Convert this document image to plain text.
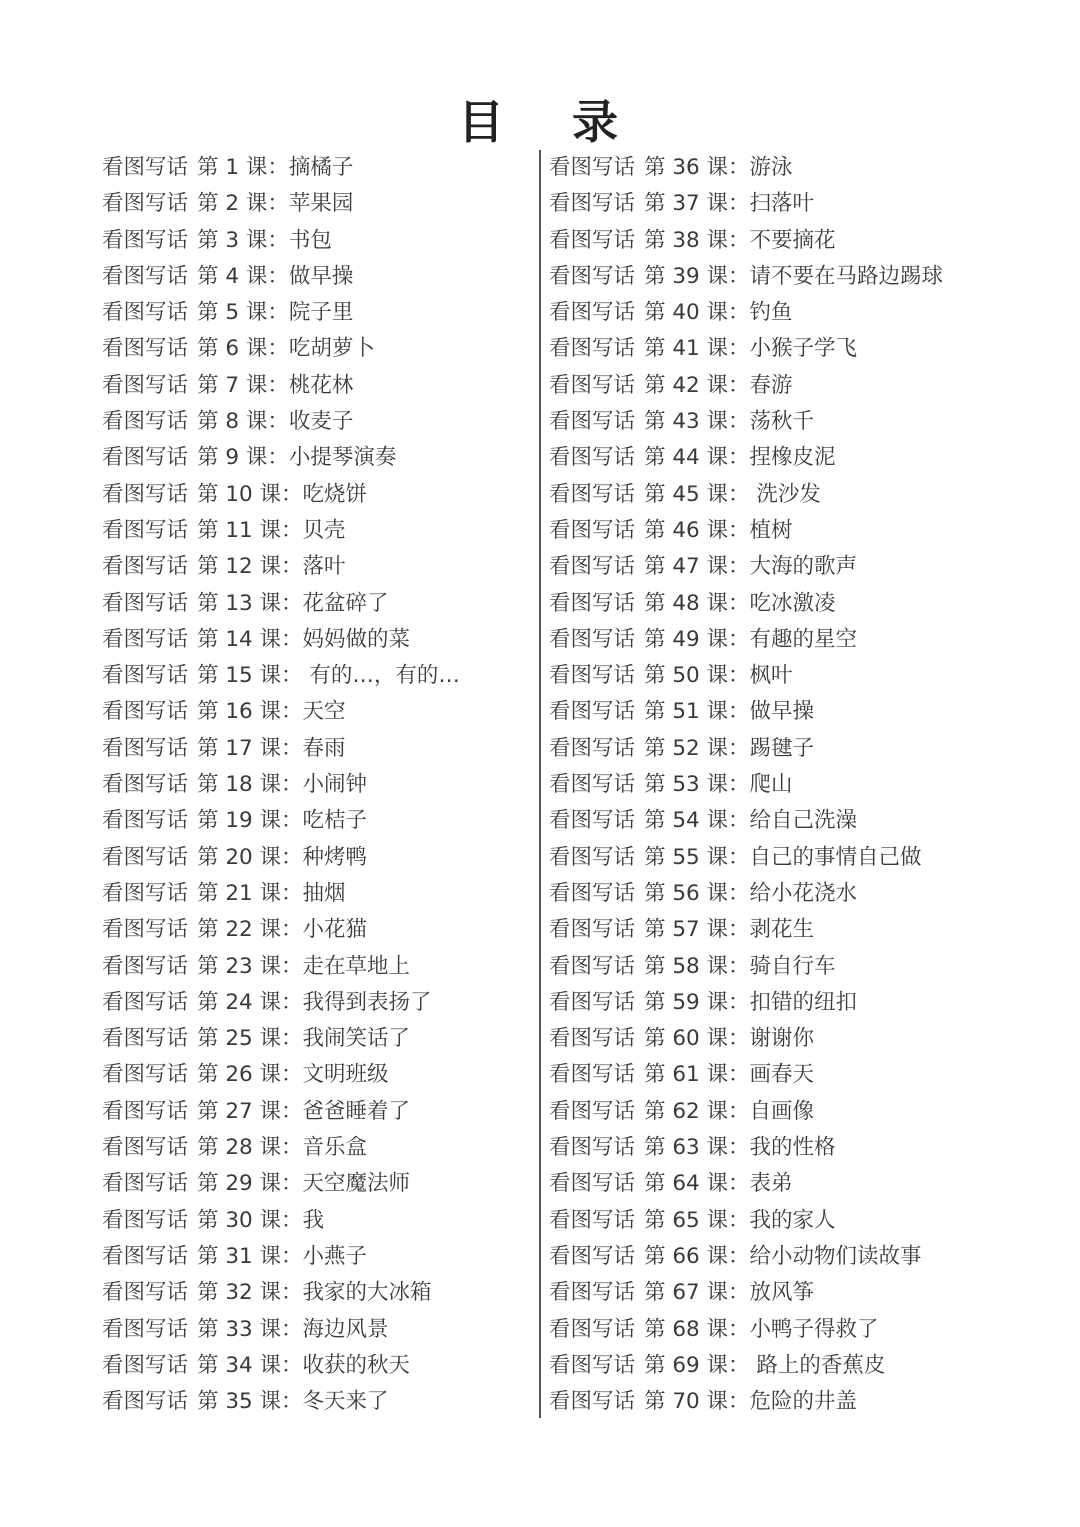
目 录
看图写话 第 1 课：摘橘子
看图写话 第 2 课：苹果园
看图写话 第 3 课：书包
看图写话 第 4 课：做早操
看图写话 第 5 课：院子里
看图写话 第 6 课：吃胡萝卜
看图写话 第 7 课：桃花林
看图写话 第 8 课：收麦子
看图写话 第 9 课：小提琴演奏
看图写话 第 10 课：吃烧饼
看图写话 第 11 课：贝壳
看图写话 第 12 课：落叶
看图写话 第 13 课：花盆碎了
看图写话 第 14 课：妈妈做的菜
看图写话 第 15 课： 有的…，有的…
看图写话 第 16 课：天空
看图写话 第 17 课：春雨
看图写话 第 18 课：小闹钟
看图写话 第 19 课：吃桔子
看图写话 第 20 课：种烤鸭
看图写话 第 21 课：抽烟
看图写话 第 22 课：小花猫
看图写话 第 23 课：走在草地上
看图写话 第 24 课：我得到表扬了
看图写话 第 25 课：我闹笑话了
看图写话 第 26 课：文明班级
看图写话 第 27 课：爸爸睡着了
看图写话 第 28 课：音乐盒
看图写话 第 29 课：天空魔法师
看图写话 第 30 课：我
看图写话 第 31 课：小燕子
看图写话 第 32 课：我家的大冰箱
看图写话 第 33 课：海边风景
看图写话 第 34 课：收获的秋天
看图写话 第 35 课：冬天来了
看图写话 第 36 课：游泳
看图写话 第 37 课：扫落叶
看图写话 第 38 课：不要摘花
看图写话 第 39 课：请不要在马路边踢球
看图写话 第 40 课：钓鱼
看图写话 第 41 课：小猴子学飞
看图写话 第 42 课：春游
看图写话 第 43 课：荡秋千
看图写话 第 44 课：捏橡皮泥
看图写话 第 45 课： 洗沙发
看图写话 第 46 课：植树
看图写话 第 47 课：大海的歌声
看图写话 第 48 课：吃冰激凌
看图写话 第 49 课：有趣的星空
看图写话 第 50 课：枫叶
看图写话 第 51 课：做早操
看图写话 第 52 课：踢毽子
看图写话 第 53 课：爬山
看图写话 第 54 课：给自己洗澡
看图写话 第 55 课：自己的事情自己做
看图写话 第 56 课：给小花浇水
看图写话 第 57 课：剥花生
看图写话 第 58 课：骑自行车
看图写话 第 59 课：扣错的纽扣
看图写话 第 60 课：谢谢你
看图写话 第 61 课：画春天
看图写话 第 62 课：自画像
看图写话 第 63 课：我的性格
看图写话 第 64 课：表弟
看图写话 第 65 课：我的家人
看图写话 第 66 课：给小动物们读故事
看图写话 第 67 课：放风筝
看图写话 第 68 课：小鸭子得救了
看图写话 第 69 课： 路上的香蕉皮
看图写话 第 70 课：危险的井盖
